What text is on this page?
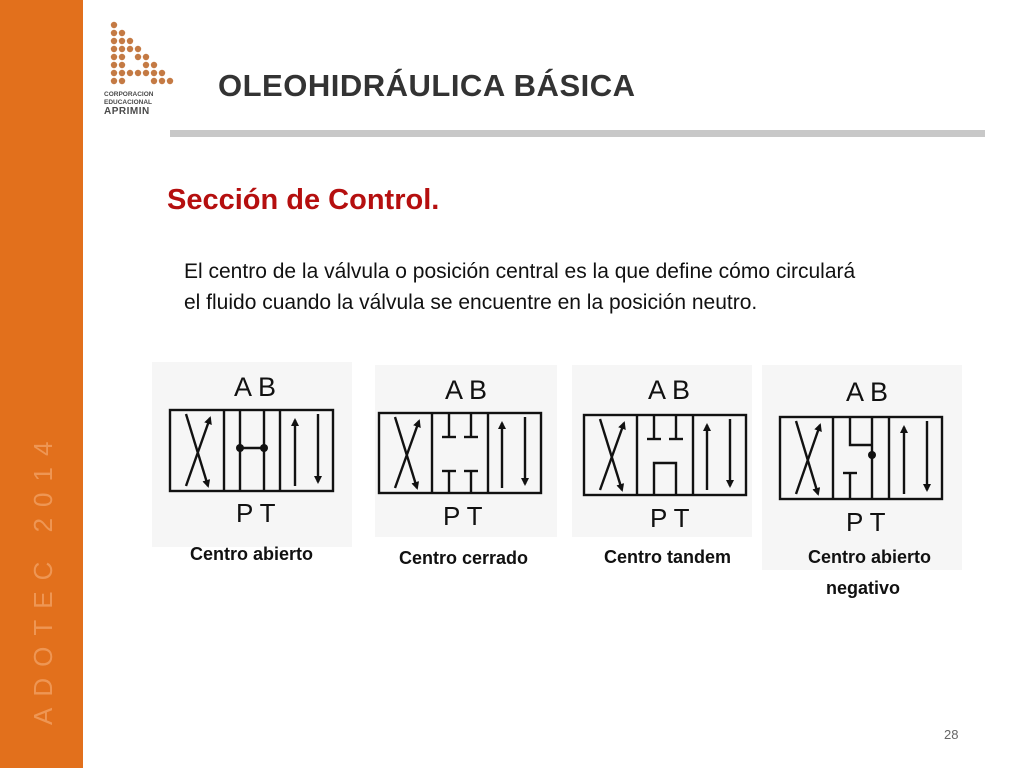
ADOTEC 2014
CORPORACION
EDUCACIONAL
APRIMIN
OLEOHIDRÁULICA BÁSICA
Sección de Control.
El centro de la válvula o posición central es la que define cómo circulará el fluido cuando la válvula se encuentre en la posición neutro.
A B
P T
Centro abierto
A B
P T
Centro cerrado
A B
P T
Centro tandem
A B
P T
Centro abierto
negativo
28
